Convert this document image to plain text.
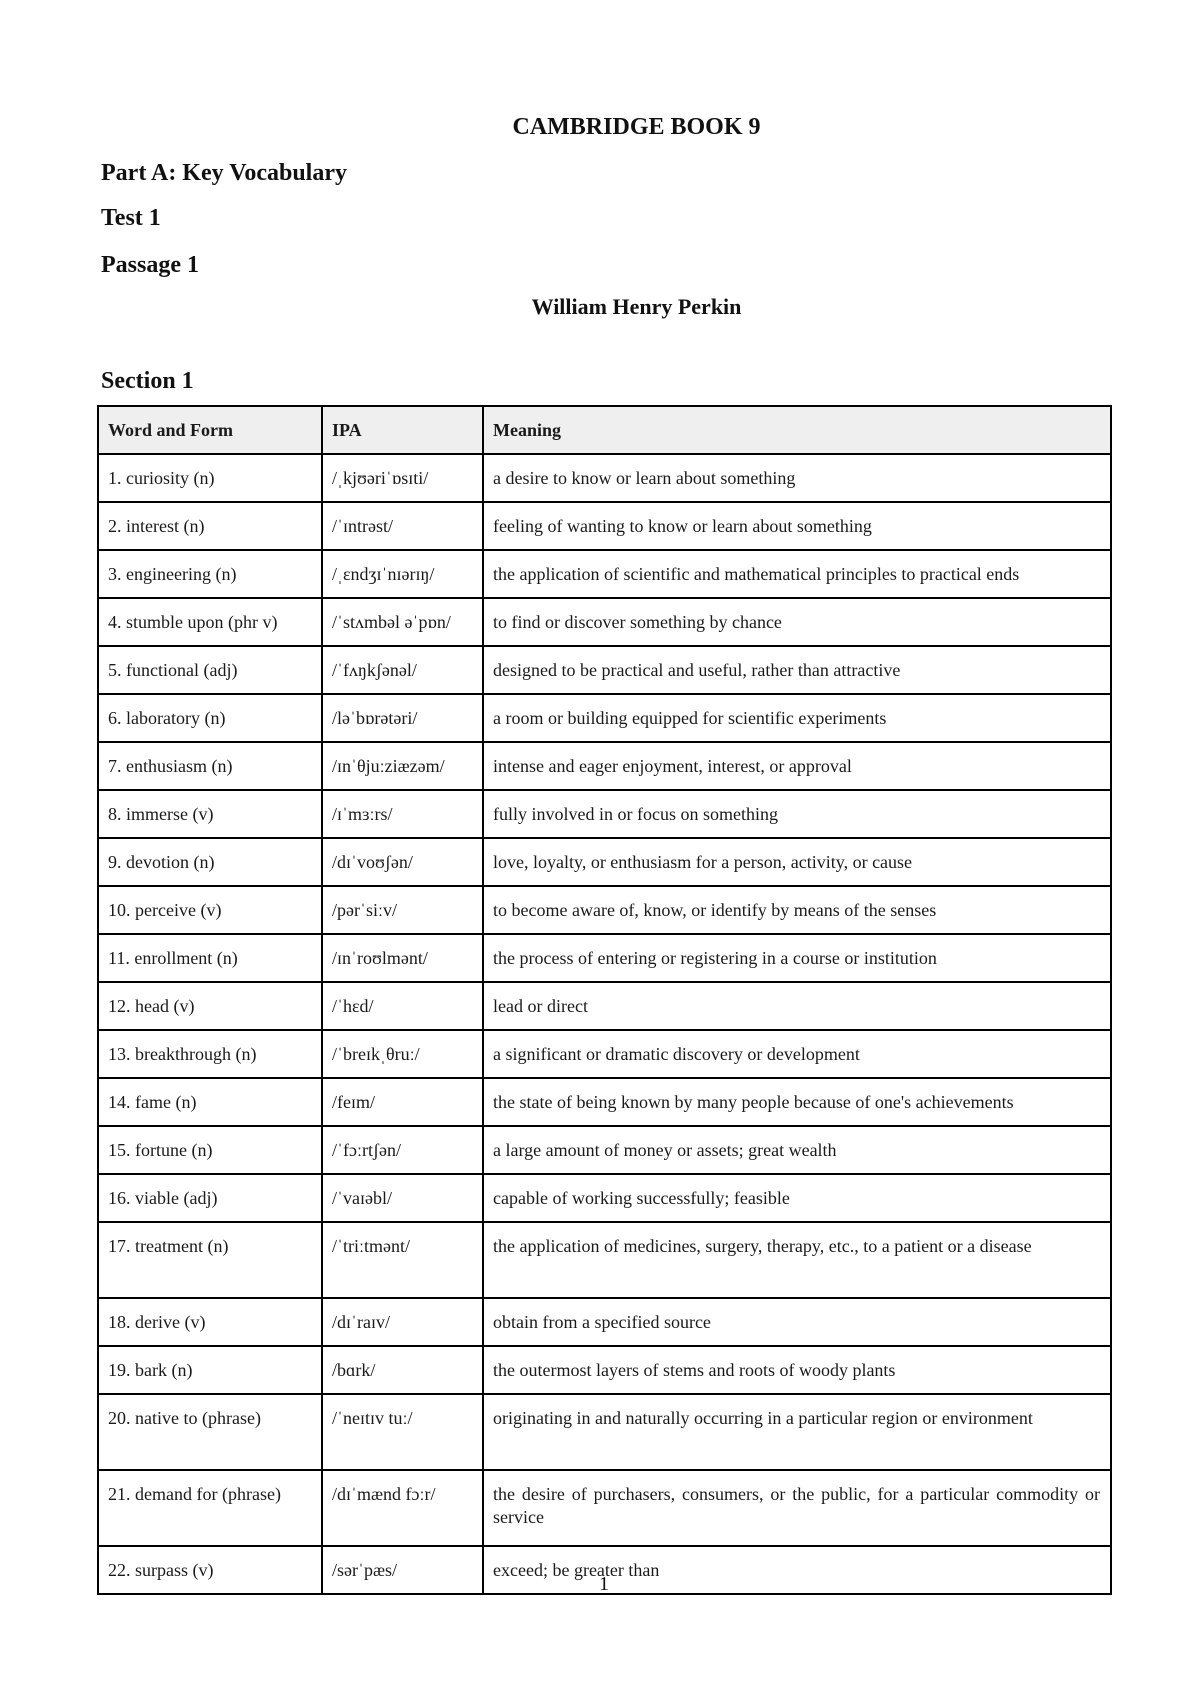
CAMBRIDGE BOOK 9
Part A: Key Vocabulary
Test 1
Passage 1
William Henry Perkin
Section 1
Word and Form	IPA	Meaning
1. curiosity (n)	/ˌkjʊəriˈɒsɪti/	a desire to know or learn about something
2. interest (n)	/ˈɪntrəst/	feeling of wanting to know or learn about something
3. engineering (n)	/ˌɛndʒɪˈnɪərɪŋ/	the application of scientific and mathematical principles to practical ends
4. stumble upon (phr v)	/ˈstʌmbəl əˈpɒn/	to find or discover something by chance
5. functional (adj)	/ˈfʌŋkʃənəl/	designed to be practical and useful, rather than attractive
6. laboratory (n)	/ləˈbɒrətəri/	a room or building equipped for scientific experiments
7. enthusiasm (n)	/ɪnˈθjuːziæzəm/	intense and eager enjoyment, interest, or approval
8. immerse (v)	/ɪˈmɜːrs/	fully involved in or focus on something
9. devotion (n)	/dɪˈvoʊʃən/	love, loyalty, or enthusiasm for a person, activity, or cause
10. perceive (v)	/pərˈsiːv/	to become aware of, know, or identify by means of the senses
11. enrollment (n)	/ɪnˈroʊlmənt/	the process of entering or registering in a course or institution
12. head (v)	/ˈhɛd/	lead or direct
13. breakthrough (n)	/ˈbreɪkˌθruː/	a significant or dramatic discovery or development
14. fame (n)	/feɪm/	the state of being known by many people because of one's achievements
15. fortune (n)	/ˈfɔːrtʃən/	a large amount of money or assets; great wealth
16. viable (adj)	/ˈvaɪəbl/	capable of working successfully; feasible
17. treatment (n)	/ˈtriːtmənt/	the application of medicines, surgery, therapy, etc., to a patient or a disease
18. derive (v)	/dɪˈraɪv/	obtain from a specified source
19. bark (n)	/bɑrk/	the outermost layers of stems and roots of woody plants
20. native to (phrase)	/ˈneɪtɪv tuː/	originating in and naturally occurring in a particular region or environment
21. demand for (phrase)	/dɪˈmænd fɔːr/	the desire of purchasers, consumers, or the public, for a particular commodity or service
22. surpass (v)	/sərˈpæs/	exceed; be greater than
1
